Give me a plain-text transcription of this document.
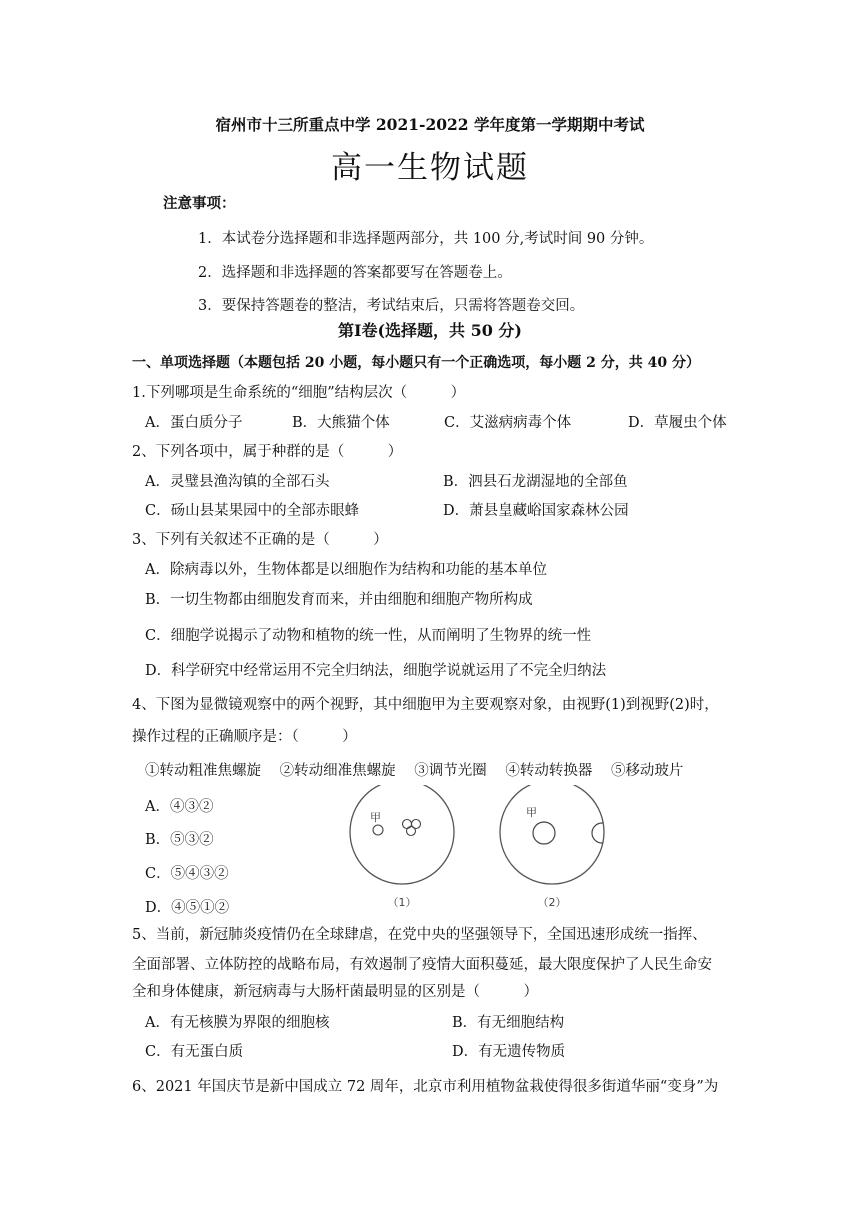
宿州市十三所重点中学 2021-2022 学年度第一学期期中考试
高一生物试题
注意事项：
1．本试卷分选择题和非选择题两部分，共 100 分,考试时间 90 分钟。
2．选择题和非选择题的答案都要写在答题卷上。
3．要保持答题卷的整洁，考试结束后，只需将答题卷交回。
第Ⅰ卷(选择题，共 50 分)
一、单项选择题（本题包括 20 小题，每小题只有一个正确选项，每小题 2 分，共 40 分）
1.下列哪项是生命系统的“细胞”结构层次（　　　）
A．蛋白质分子	B．大熊猫个体	C．艾滋病病毒个体	D．草履虫个体
2、下列各项中，属于种群的是（　　　）
A．灵璧县渔沟镇的全部石头	B．泗县石龙湖湿地的全部鱼
C．砀山县某果园中的全部赤眼蜂	D．萧县皇藏峪国家森林公园
3、下列有关叙述不正确的是（　　　）
A．除病毒以外，生物体都是以细胞作为结构和功能的基本单位
B．一切生物都由细胞发育而来，并由细胞和细胞产物所构成
C．细胞学说揭示了动物和植物的统一性，从而阐明了生物界的统一性
D．科学研究中经常运用不完全归纳法，细胞学说就运用了不完全归纳法
4、下图为显微镜观察中的两个视野，其中细胞甲为主要观察对象，由视野(1)到视野(2)时，
操作过程的正确顺序是：（　　　）
①转动粗准焦螺旋 ②转动细准焦螺旋 ③调节光圈 ④转动转换器 ⑤移动玻片
A．④③②
B．⑤③②
C．⑤④③②
D．④⑤①②
甲
（1）
甲
（2）
5、当前，新冠肺炎疫情仍在全球肆虐，在党中央的坚强领导下，全国迅速形成统一指挥、
全面部署、立体防控的战略布局，有效遏制了疫情大面积蔓延，最大限度保护了人民生命安
全和身体健康，新冠病毒与大肠杆菌最明显的区别是（　　　）
A．有无核膜为界限的细胞核	B．有无细胞结构
C．有无蛋白质	D．有无遗传物质
6、2021 年国庆节是新中国成立 72 周年，北京市利用植物盆栽使得很多街道华丽“变身”为
